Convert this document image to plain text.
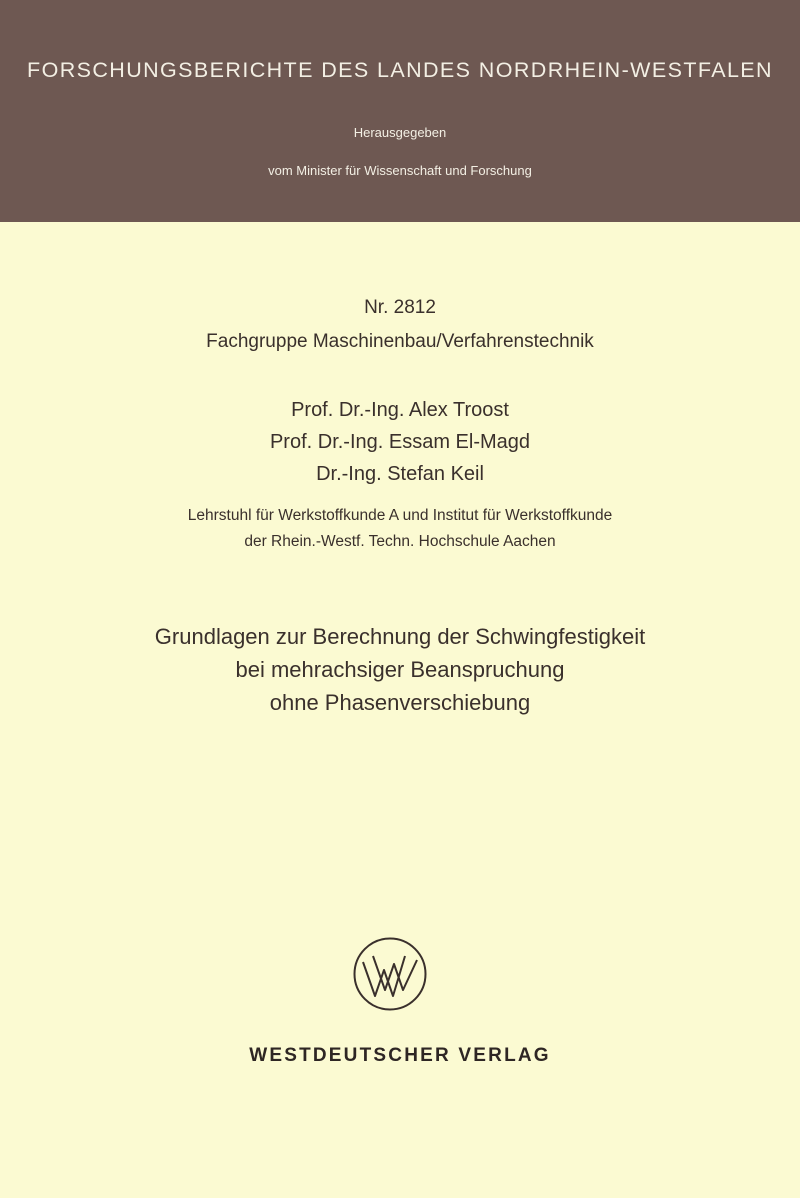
FORSCHUNGSBERICHTE DES LANDES NORDRHEIN-WESTFALEN
Herausgegeben
vom Minister für Wissenschaft und Forschung
Nr. 2812
Fachgruppe Maschinenbau/Verfahrenstechnik
Prof. Dr.-Ing. Alex Troost
Prof. Dr.-Ing. Essam El-Magd
Dr.-Ing. Stefan Keil
Lehrstuhl für Werkstoffkunde A und Institut für Werkstoffkunde
der Rhein.-Westf. Techn. Hochschule Aachen
Grundlagen zur Berechnung der Schwingfestigkeit
bei mehrachsiger Beanspruchung
ohne Phasenverschiebung
WESTDEUTSCHER VERLAG
